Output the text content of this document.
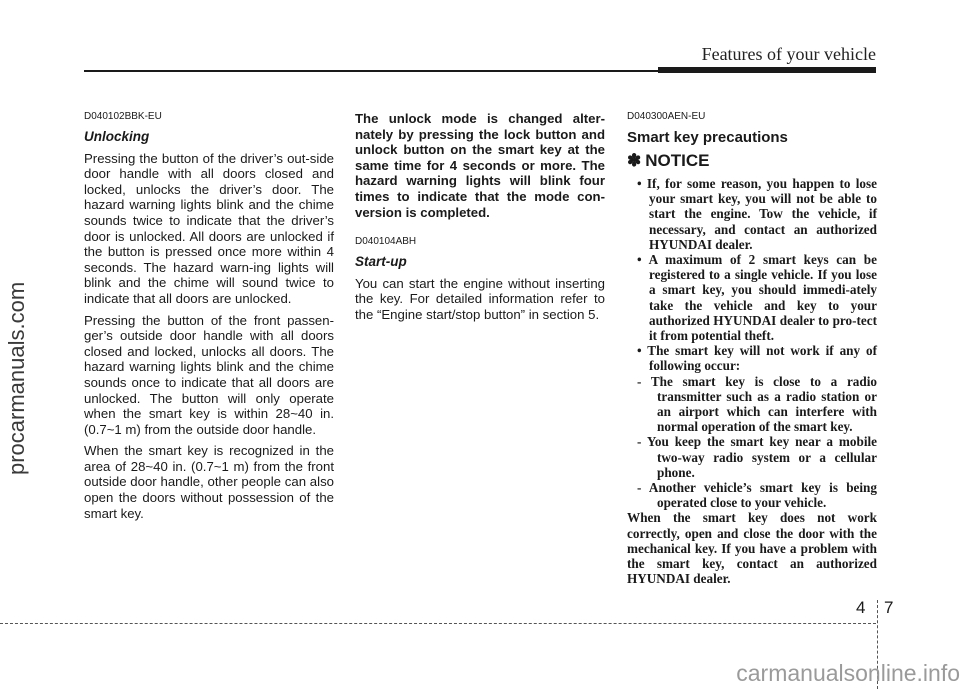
Features of your vehicle
procarmanuals.com
D040102BBK-EU
Unlocking

Pressing the button of the driver’s out-side door handle with all doors closed and locked, unlocks the driver’s door. The hazard warning lights blink and the chime sounds twice to indicate that the driver’s door is unlocked. All doors are unlocked if the button is pressed once more within 4 seconds. The hazard warn-ing lights will blink and the chime will sound twice to indicate that all doors are unlocked.

Pressing the button of the front passen-ger’s outside door handle with all doors closed and locked, unlocks all doors. The hazard warning lights blink and the chime sounds once to indicate that all doors are unlocked. The button will only operate when the smart key is within 28~40 in. (0.7~1 m) from the outside door handle.

When the smart key is recognized in the area of 28~40 in. (0.7~1 m) from the front outside door handle, other people can also open the doors without possession of the smart key.

The unlock mode is changed alter-nately by pressing the lock button and unlock button on the smart key at the same time for 4 seconds or more. The hazard warning lights will blink four times to indicate that the mode con-version is completed.

D040104ABH
Start-up

You can start the engine without inserting the key. For detailed information refer to the “Engine start/stop button” in section 5.

D040300AEN-EU
Smart key precautions
✽ NOTICE

• If, for some reason, you happen to lose your smart key, you will not be able to start the engine. Tow the vehicle, if necessary, and contact an authorized HYUNDAI dealer.

• A maximum of 2 smart keys can be registered to a single vehicle. If you lose a smart key, you should immedi-ately take the vehicle and key to your authorized HYUNDAI dealer to pro-tect it from potential theft.

• The smart key will not work if any of following occur:

- The smart key is close to a radio transmitter such as a radio station or an airport which can interfere with normal operation of the smart key.

- You keep the smart key near a mobile two-way radio system or a cellular phone.

- Another vehicle’s smart key is being operated close to your vehicle.

When the smart key does not work correctly, open and close the door with the mechanical key. If you have a problem with the smart key, contact an authorized HYUNDAI dealer.

4 7
carmanualsonline.info
